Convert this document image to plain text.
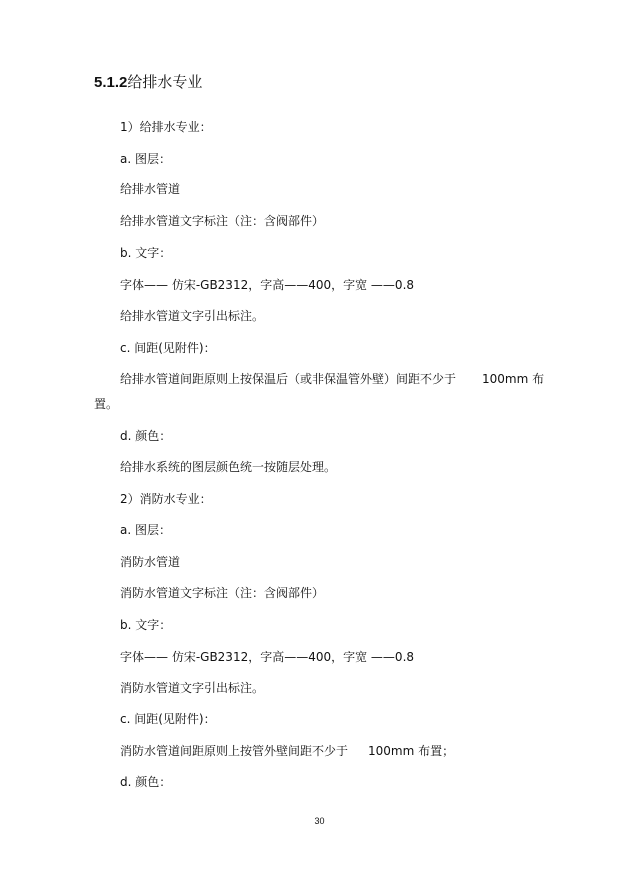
5.1.2给排水专业
1）给排水专业：
a. 图层：
给排水管道
给排水管道文字标注（注：含阀部件）
b. 文字：
字体—— 仿宋-GB2312，字高——400，字宽 ——0.8
给排水管道文字引出标注。
c. 间距(见附件)：
给排水管道间距原则上按保温后（或非保温管外壁）间距不少于 100mm 布
置。
d. 颜色：
给排水系统的图层颜色统一按随层处理。
2）消防水专业：
a. 图层：
消防水管道
消防水管道文字标注（注：含阀部件）
b. 文字：
字体—— 仿宋-GB2312，字高——400，字宽 ——0.8
消防水管道文字引出标注。
c. 间距(见附件)：
消防水管道间距原则上按管外壁间距不少于 100mm 布置；
d. 颜色：
30
